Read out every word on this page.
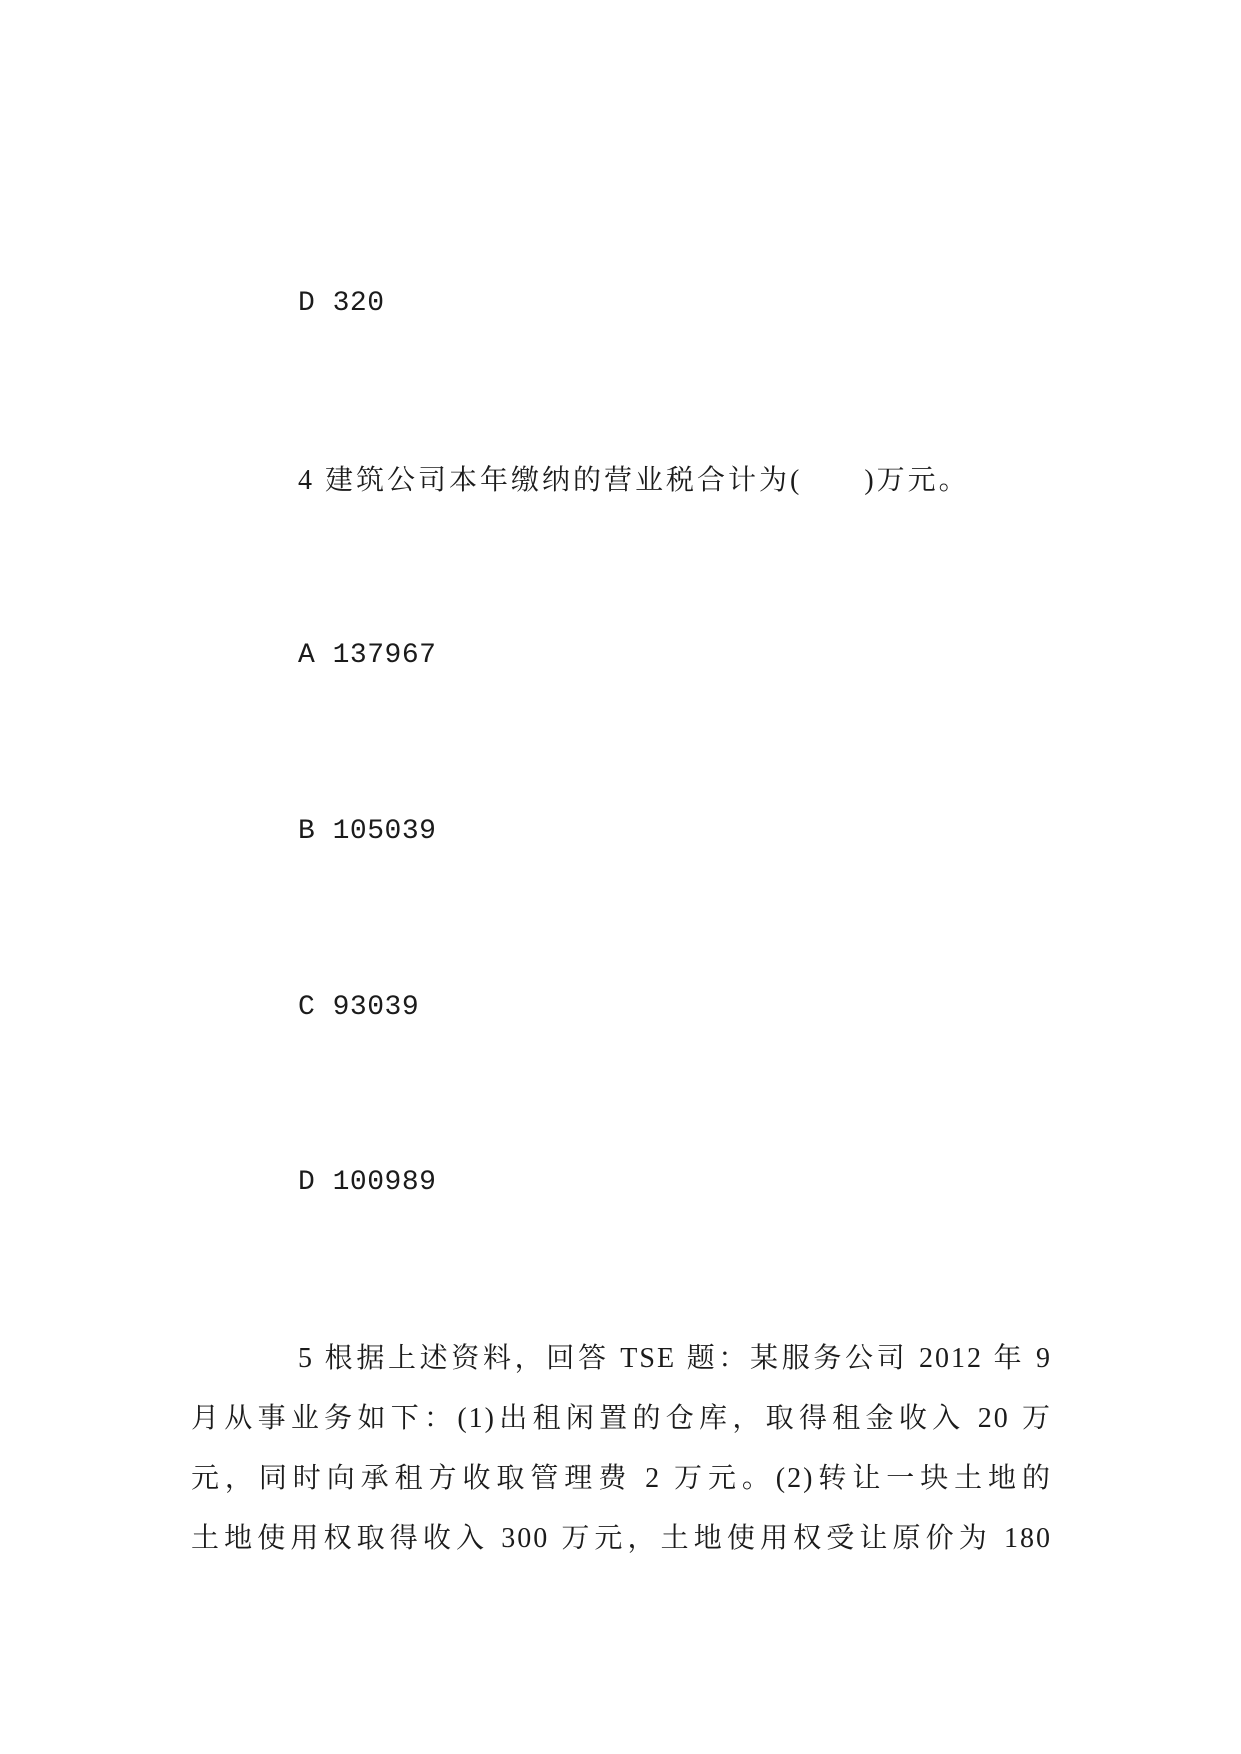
D 320
4 建筑公司本年缴纳的营业税合计为(　　)万元。
A 137967
B 105039
C 93039
D 100989
5 根据上述资料，回答 TSE 题：某服务公司 2012 年 9
月从事业务如下：(1)出租闲置的仓库，取得租金收入 20 万
元，同时向承租方收取管理费 2 万元。(2)转让一块土地的
土地使用权取得收入 300 万元，土地使用权受让原价为 180
